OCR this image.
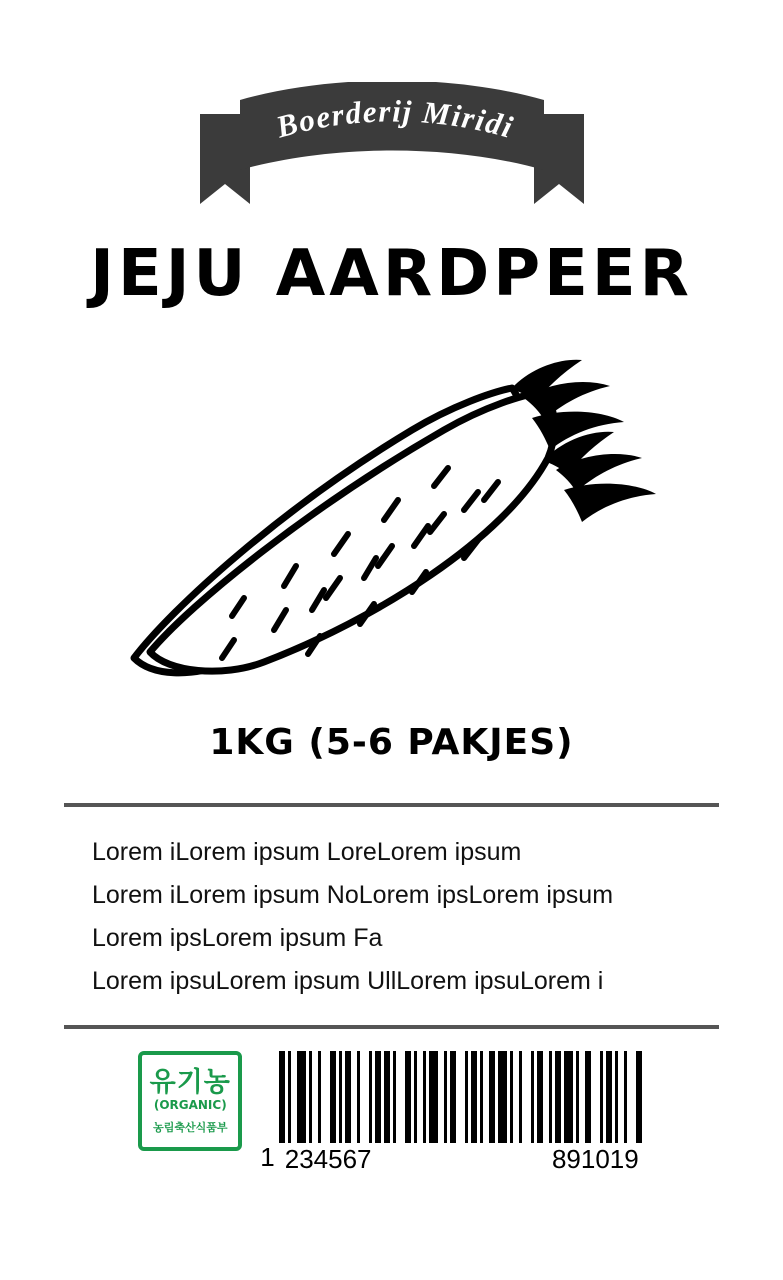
Boerderij Miridi
JEJU AARDPEER
1KG (5-6 PAKJES)
Lorem iLorem ipsum LoreLorem ipsum
Lorem iLorem ipsum NoLorem ipsLorem ipsum
Lorem ipsLorem ipsum Fa
Lorem ipsuLorem ipsum UllLorem ipsuLorem i
유기농
(ORGANIC)
농림축산식품부
1 234567	891019
